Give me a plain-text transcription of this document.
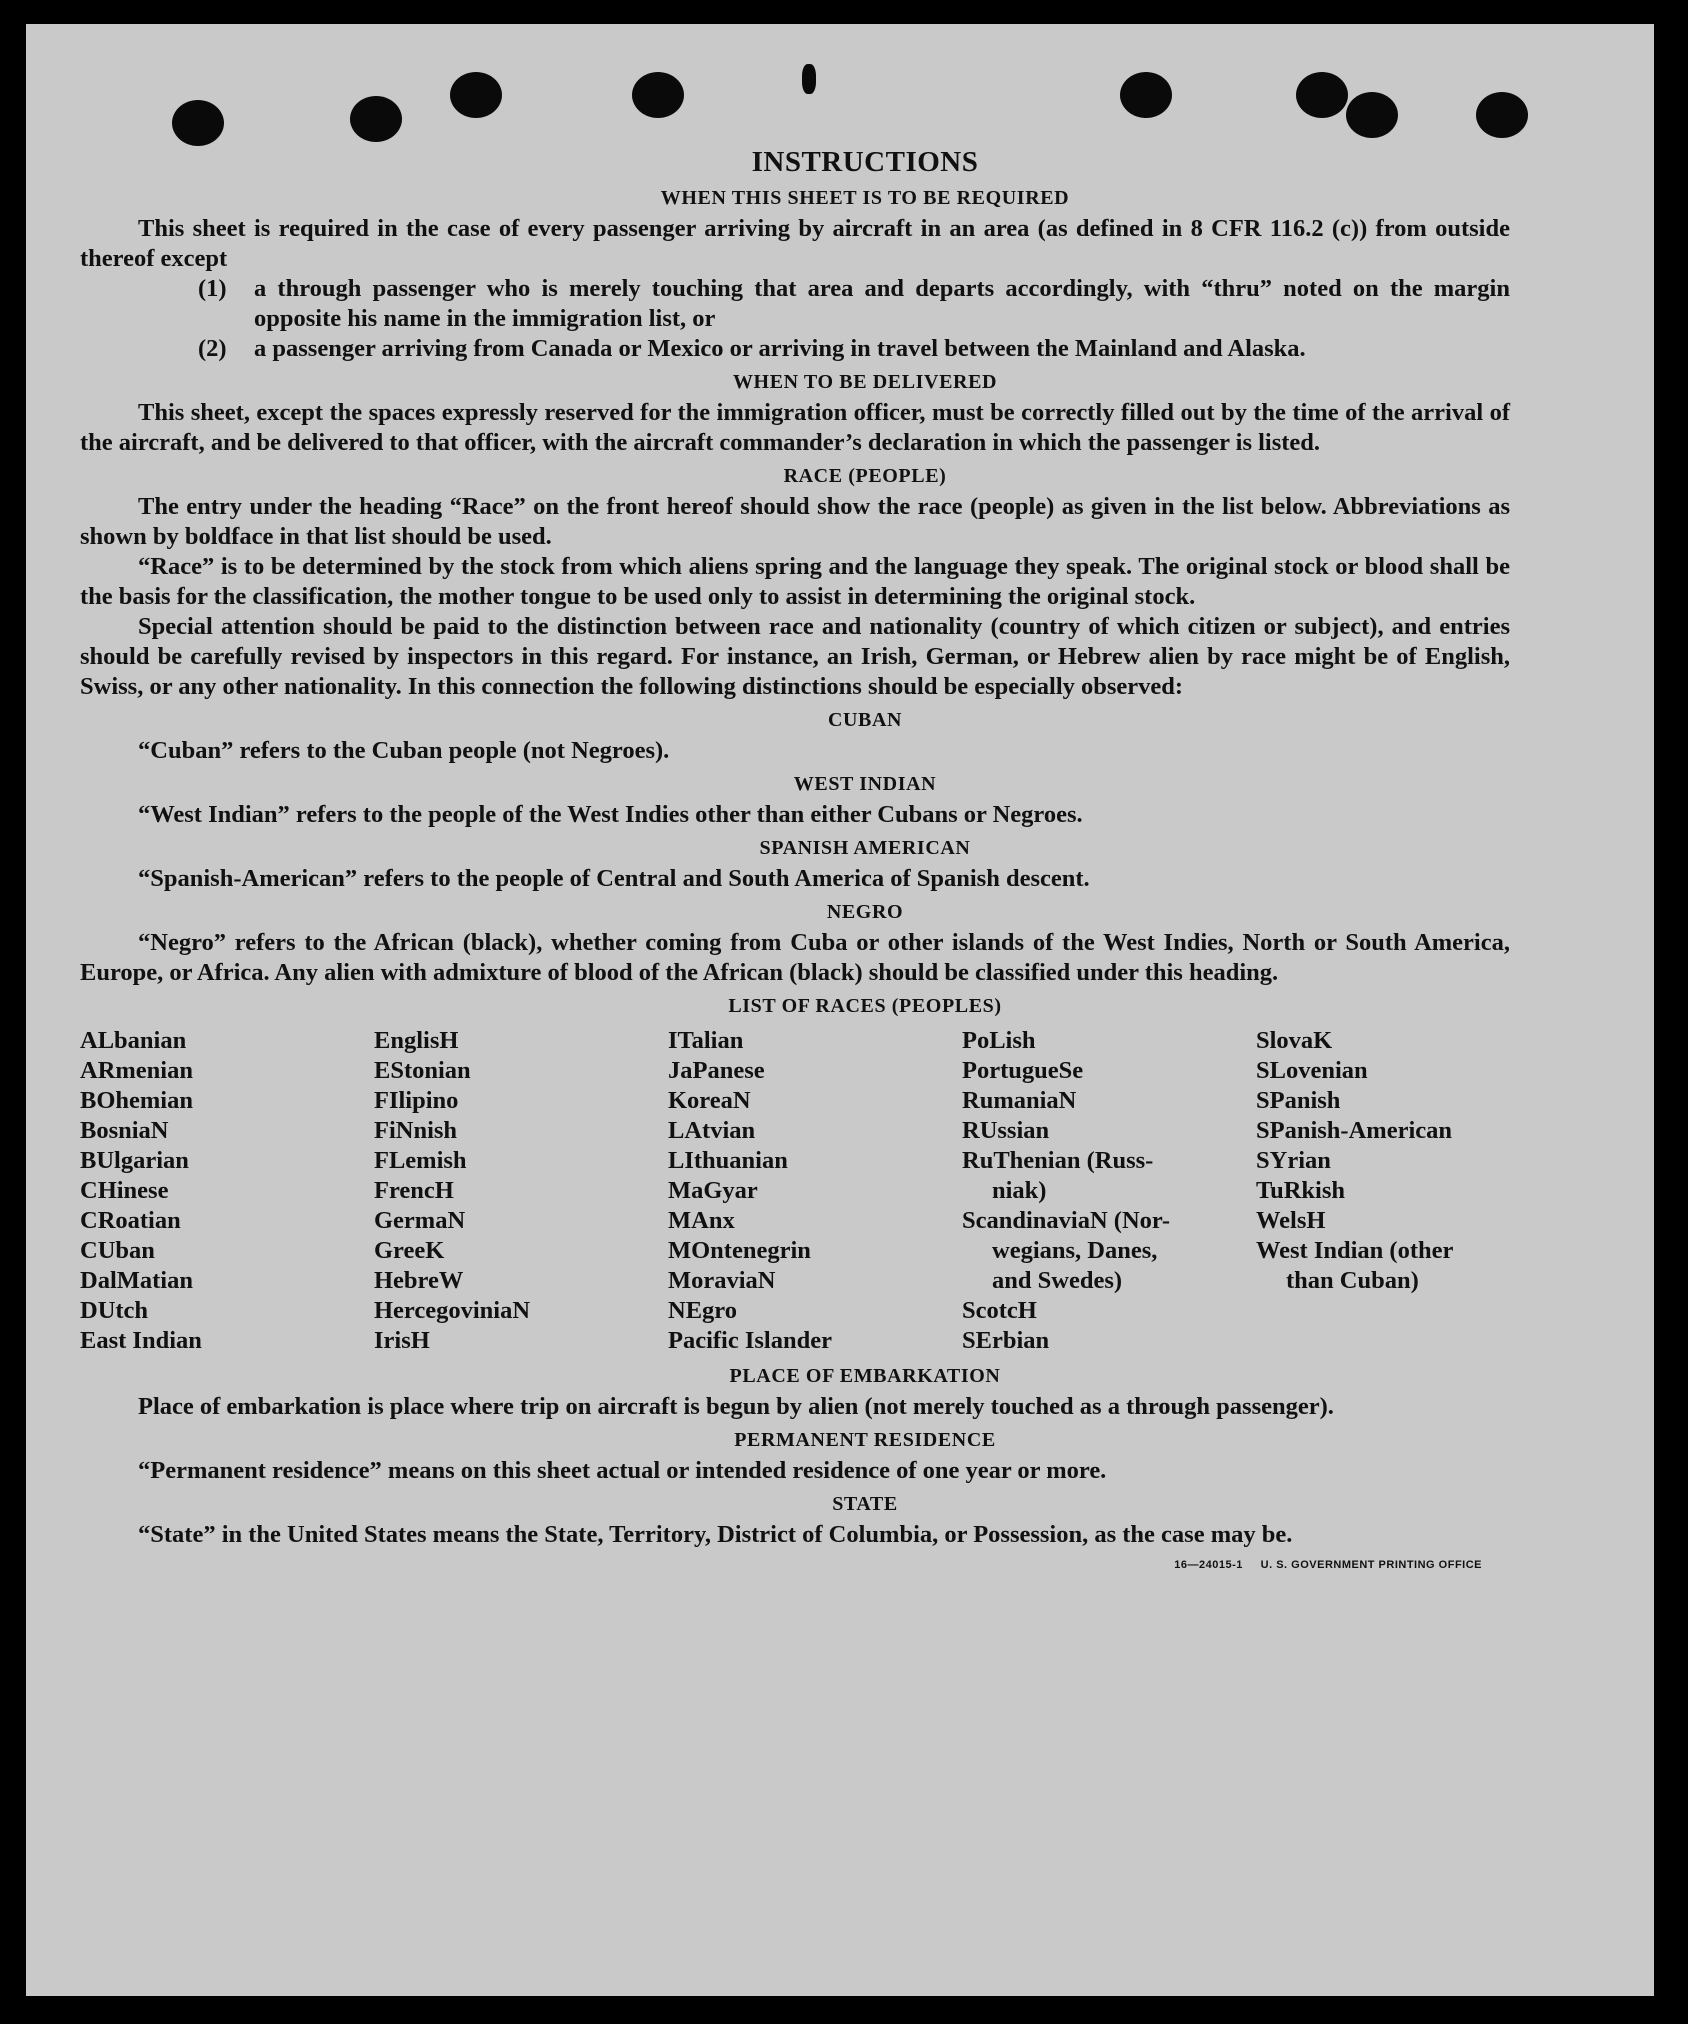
INSTRUCTIONS
WHEN THIS SHEET IS TO BE REQUIRED

This sheet is required in the case of every passenger arriving by aircraft in an area (as defined in 8 CFR 116.2 (c)) from outside thereof except

(1)	a through passenger who is merely touching that area and departs accordingly, with “thru” noted on the margin opposite his name in the immigration list, or
(2)	a passenger arriving from Canada or Mexico or arriving in travel between the Mainland and Alaska.
WHEN TO BE DELIVERED

This sheet, except the spaces expressly reserved for the immigration officer, must be correctly filled out by the time of the arrival of the aircraft, and be delivered to that officer, with the aircraft commander’s declaration in which the passenger is listed.

RACE (PEOPLE)

The entry under the heading “Race” on the front hereof should show the race (people) as given in the list below. Abbreviations as shown by boldface in that list should be used.

“Race” is to be determined by the stock from which aliens spring and the language they speak. The original stock or blood shall be the basis for the classification, the mother tongue to be used only to assist in determining the original stock.

Special attention should be paid to the distinction between race and nationality (country of which citizen or subject), and entries should be carefully revised by inspectors in this regard. For instance, an Irish, German, or Hebrew alien by race might be of English, Swiss, or any other nationality. In this connection the following distinctions should be especially observed:

CUBAN

“Cuban” refers to the Cuban people (not Negroes).

WEST INDIAN

“West Indian” refers to the people of the West Indies other than either Cubans or Negroes.

SPANISH AMERICAN

“Spanish-American” refers to the people of Central and South America of Spanish descent.

NEGRO

“Negro” refers to the African (black), whether coming from Cuba or other islands of the West Indies, North or South America, Europe, or Africa. Any alien with admixture of blood of the African (black) should be classified under this heading.

LIST OF RACES (PEOPLES)
ALbanian
ARmenian
BOhemian
BosniaN
BUlgarian
CHinese
CRoatian
CUban
DalMatian
DUtch
East Indian
EnglisH
EStonian
FIlipino
FiNnish
FLemish
FrencH
GermaN
GreeK
HebreW
HercegoviniaN
IrisH
ITalian
JaPanese
KoreaN
LAtvian
LIthuanian
MaGyar
MAnx
MOntenegrin
MoraviaN
NEgro
Pacific Islander
PoLish
PortugueSe
RumaniaN
RUssian
RuThenian (Russ-
niak)
ScandinaviaN (Nor-
wegians, Danes,
and Swedes)
ScotcH
SErbian
SlovaK
SLovenian
SPanish
SPanish-American
SYrian
TuRkish
WelsH
West Indian (other
than Cuban)
PLACE OF EMBARKATION

Place of embarkation is place where trip on aircraft is begun by alien (not merely touched as a through passenger).

PERMANENT RESIDENCE

“Permanent residence” means on this sheet actual or intended residence of one year or more.

STATE

“State” in the United States means the State, Territory, District of Columbia, or Possession, as the case may be.

16—24015-1 U. S. GOVERNMENT PRINTING OFFICE
